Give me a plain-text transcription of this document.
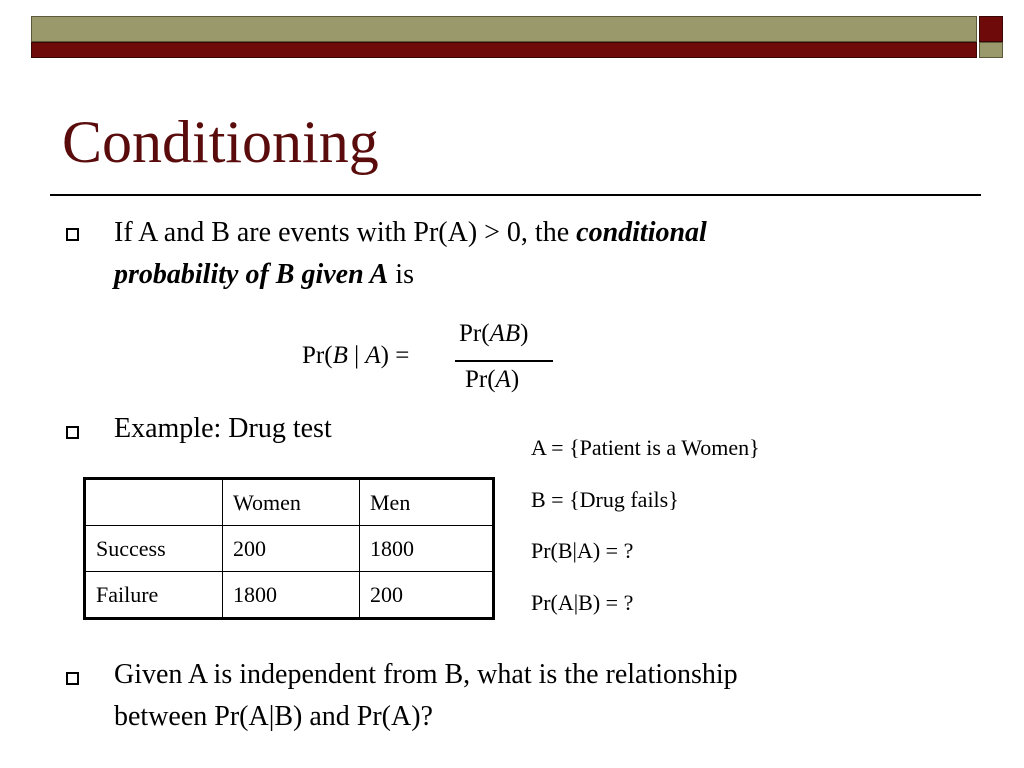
Conditioning
If A and B are events with Pr(A) > 0, the conditional
probability of B given A is
Pr(B | A) =
Pr(AB)
Pr(A)
Example: Drug test
	Women	Men
Success	200	1800
Failure	1800	200
A = {Patient is a Women}
B = {Drug fails}
Pr(B|A) = ?
Pr(A|B) = ?
Given A is independent from B, what is the relationship
between Pr(A|B) and Pr(A)?
